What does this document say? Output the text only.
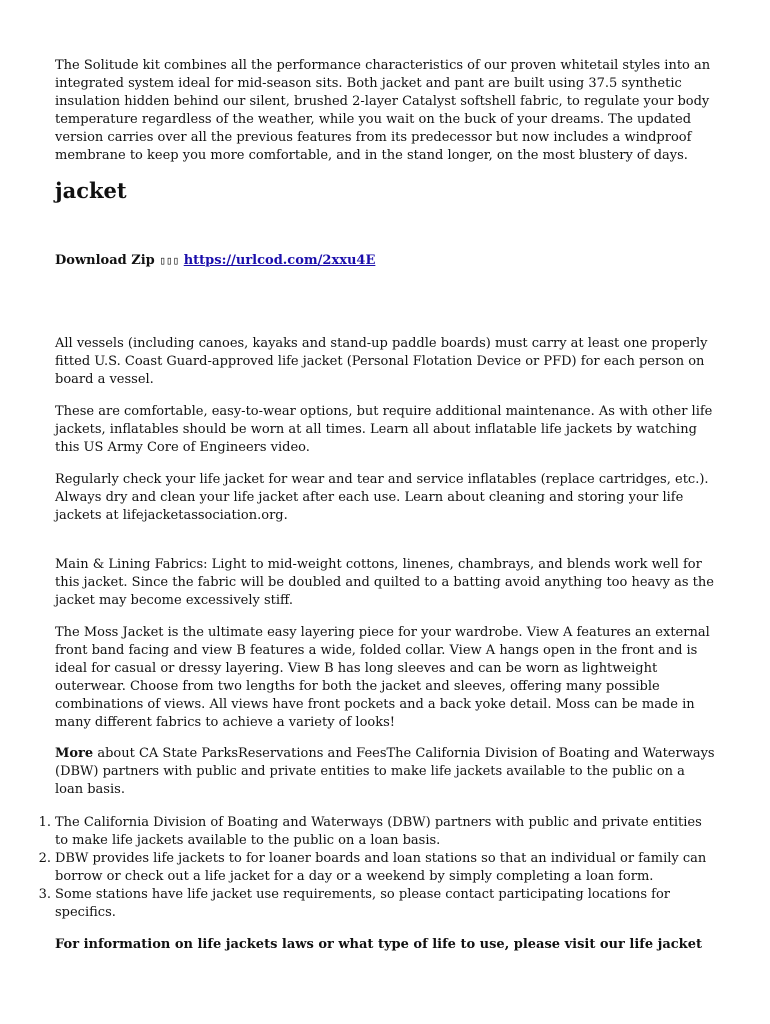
The Solitude kit combines all the performance characteristics of our proven whitetail styles into an integrated system ideal for mid-season sits. Both jacket and pant are built using 37.5 synthetic insulation hidden behind our silent, brushed 2-layer Catalyst softshell fabric, to regulate your body temperature regardless of the weather, while you wait on the buck of your dreams. The updated version carries over all the previous features from its predecessor but now includes a windproof membrane to keep you more comfortable, and in the stand longer, on the most blustery of days.

jacket

Download Zip ▯▯▯ https://urlcod.com/2xxu4E

All vessels (including canoes, kayaks and stand-up paddle boards) must carry at least one properly fitted U.S. Coast Guard-approved life jacket (Personal Flotation Device or PFD) for each person on board a vessel.

These are comfortable, easy-to-wear options, but require additional maintenance. As with other life jackets, inflatables should be worn at all times. Learn all about inflatable life jackets by watching this US Army Core of Engineers video.

Regularly check your life jacket for wear and tear and service inflatables (replace cartridges, etc.). Always dry and clean your life jacket after each use. Learn about cleaning and storing your life jackets at lifejacketassociation.org.

Main & Lining Fabrics: Light to mid-weight cottons, linenes, chambrays, and blends work well for this jacket. Since the fabric will be doubled and quilted to a batting avoid anything too heavy as the jacket may become excessively stiff.

The Moss Jacket is the ultimate easy layering piece for your wardrobe. View A features an external front band facing and view B features a wide, folded collar. View A hangs open in the front and is ideal for casual or dressy layering. View B has long sleeves and can be worn as lightweight outerwear. Choose from two lengths for both the jacket and sleeves, offering many possible combinations of views. All views have front pockets and a back yoke detail. Moss can be made in many different fabrics to achieve a variety of looks!

More about CA State ParksReservations and FeesThe California Division of Boating and Waterways (DBW) partners with public and private entities to make life jackets available to the public on a loan basis.

1. The California Division of Boating and Waterways (DBW) partners with public and private entities to make life jackets available to the public on a loan basis.
2. DBW provides life jackets to for loaner boards and loan stations so that an individual or family can borrow or check out a life jacket for a day or a weekend by simply completing a loan form.
3. Some stations have life jacket use requirements, so please contact participating locations for specifics.

For information on life jackets laws or what type of life to use, please visit our life jacket
